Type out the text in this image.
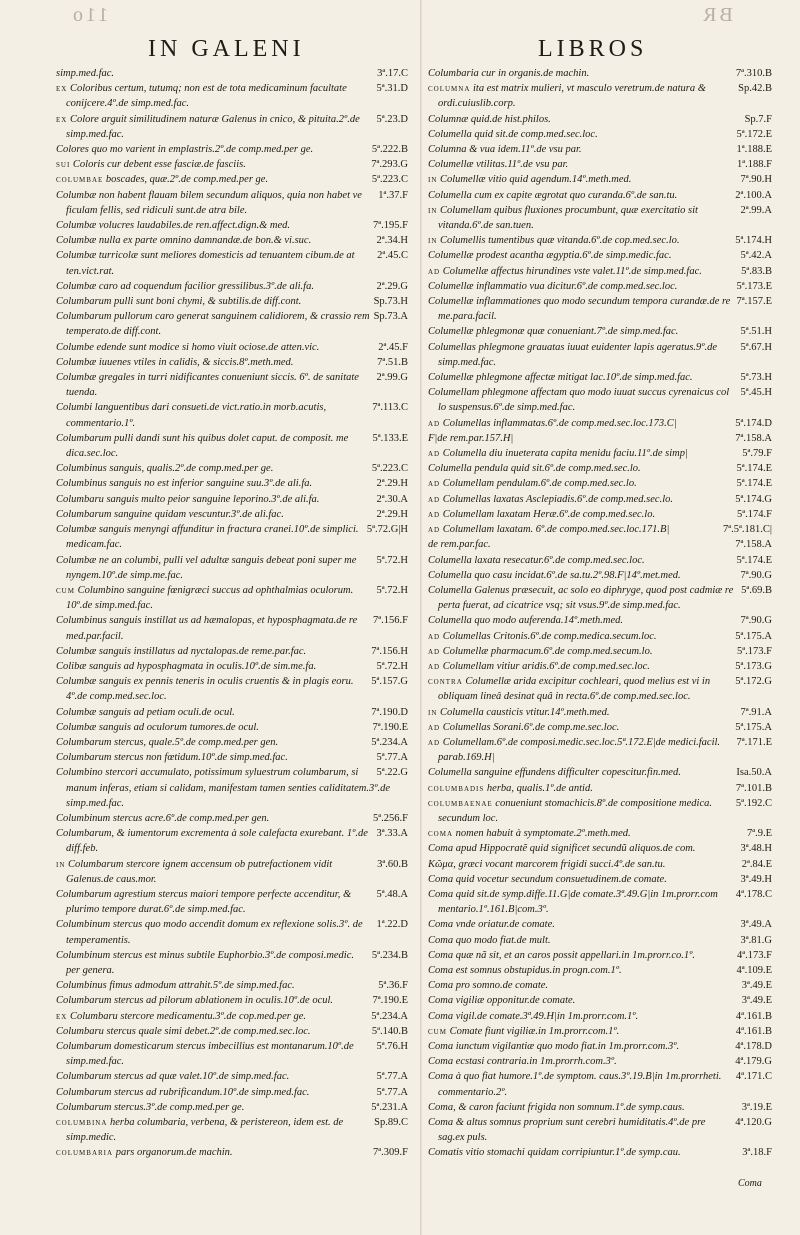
11o	BR
IN GALENI	LIBROS
3ª.17.C
simp.med.fac.
5ª.31.D
ex Coloribus certum, tutumq; non est de tota medicaminum facultate conijcere.4º.de simp.med.fac.
5ª.23.D
ex Colore arguit similitudinem naturæ Galenus in cnico, & pituita.2º.de simp.med.fac.
5ª.222.B
Colores quo mo varient in emplastris.2º.de comp.med.per ge.
7ª.293.G
sui Coloris cur debent esse fasciæ.de fasciis.
5ª.223.C
columbae boscades, quæ.2º.de comp.med.per ge.
1ª.37.F
Columbæ non habent flauam bilem secundum aliquos, quia non habet ve ficulam fellis, sed ridiculi sunt.de atra bile.
7ª.195.F
Columbæ volucres laudabiles.de ren.affect.dign.& med.
2ª.34.H
Columbæ nulla ex parte omnino damnandæ.de bon.& vi.suc.
2ª.45.C
Columbæ turricolæ sunt meliores domesticis ad tenuantem cibum.de at ten.vict.rat.
2ª.29.G
Columbæ caro ad coquendum facilior gressilibus.3º.de ali.fa.
Sp.73.H
Columbarum pulli sunt boni chymi, & subtilis.de diff.cont.
Sp.73.A
Columbarum pullorum caro generat sanguinem calidiorem, & crassio rem temperato.de diff.cont.
2ª.45.F
Columbe edende sunt modice si homo viuit ociose.de atten.vic.
7ª.51.B
Columbæ iuuenes vtiles in calidis, & siccis.8º.meth.med.
2ª.99.G
Columbæ gregales in turri nidificantes conueniunt siccis. 6º. de sanitate tuenda.
7ª.113.C
Columbi languentibus dari consueti.de vict.ratio.in morb.acutis, commentario.1º.
5ª.133.E
Columbarum pulli dandi sunt his quibus dolet caput. de composit. me dica.sec.loc.
5ª.223.C
Columbinus sanguis, qualis.2º.de comp.med.per ge.
2ª.29.H
Columbinus sanguis no est inferior sanguine suu.3º.de ali.fa.
2ª.30.A
Columbaru sanguis multo peior sanguine leporino.3º.de ali.fa.
2ª.29.H
Columbarum sanguine quidam vescuntur.3º.de ali.fac.
5ª.72.G|H
Columbæ sanguis menyngi affunditur in fractura cranei.10º.de simplici. medicam.fac.
5ª.72.H
Columbæ ne an columbi, pulli vel adultæ sanguis debeat poni super me nyngem.10º.de simp.me.fac.
5ª.72.H
cum Columbino sanguine fœnigræci succus ad ophthalmias oculorum. 10º.de simp.med.fac.
7ª.156.F
Columbinus sanguis instillat us ad hæmalopas, et hyposphagmata.de re med.par.facil.
7ª.156.H
Columbæ sanguis instillatus ad nyctalopas.de reme.par.fac.
5ª.72.H
Colibæ sanguis ad hyposphagmata in oculis.10º.de sim.me.fa.
5ª.157.G
Columbæ sanguis ex pennis teneris in oculis cruentis & in plagis eoru. 4º.de comp.med.sec.loc.
7ª.190.D
Columbæ sanguis ad petiam oculi.de ocul.
7ª.190.E
Columbæ sanguis ad oculorum tumores.de ocul.
5ª.234.A
Columbarum stercus, quale.5º.de comp.med.per gen.
5ª.77.A
Columbarum stercus non fœtidum.10º.de simp.med.fac.
5ª.22.G
Columbino stercori accumulato, potissimum syluestrum columbarum, si manum inferas, etiam si calidam, manifestam tamen senties caliditatem.3º.de simp.med.fac.
5ª.256.F
Columbinum stercus acre.6º.de comp.med.per gen.
3ª.33.A
Columbarum, & iumentorum excrementa à sole calefacta exurebant. 1º.de diff.feb.
3ª.60.B
in Columbarum stercore ignem accensum ob putrefactionem vidit Galenus.de caus.mor.
5ª.48.A
Columbarum agrestium stercus maiori tempore perfecte accenditur, & plurimo tempore durat.6º.de simp.med.fac.
1ª.22.D
Columbinum stercus quo modo accendit domum ex reflexione solis.3º. de temperamentis.
5ª.234.B
Columbinum stercus est minus subtile Euphorbio.3º.de composi.medic. per genera.
5ª.36.F
Columbinus fimus admodum attrahit.5º.de simp.med.fac.
7ª.190.E
Columbarum stercus ad pilorum ablationem in oculis.10º.de ocul.
5ª.234.A
ex Columbaru stercore medicamentu.3º.de cop.med.per ge.
5ª.140.B
Columbaru stercus quale simi debet.2º.de comp.med.sec.loc.
5ª.76.H
Columbarum domesticarum stercus imbecillius est montanarum.10º.de simp.med.fac.
5ª.77.A
Columbarum stercus ad quæ valet.10º.de simp.med.fac.
5ª.77.A
Columbarum stercus ad rubrificandum.10º.de simp.med.fac.
5ª.231.A
Columbarum stercus.3º.de comp.med.per ge.
Sp.89.C
columbina herba columbaria, verbena, & peristereon, idem est. de simp.medic.
7ª.309.F
columbaria pars organorum.de machin.
7ª.310.B
Columbaria cur in organis.de machin.
Sp.42.B
columna ita est matrix mulieri, vt masculo veretrum.de natura & ordi.cuiuslib.corp.
Sp.7.F
Columnæ quid.de hist.philos.
5ª.172.E
Columella quid sit.de comp.med.sec.loc.
1ª.188.E
Columna & vua idem.11º.de vsu par.
1ª.188.F
Columellæ vtilitas.11º.de vsu par.
7ª.90.H
in Columellæ vitio quid agendum.14º.meth.med.
2ª.100.A
Columella cum ex capite ægrotat quo curanda.6º.de san.tu.
2ª.99.A
in Columellam quibus fluxiones procumbunt, quæ exercitatio sit vitanda.6º.de san.tuen.
5ª.174.H
in Columellis tumentibus quæ vitanda.6º.de cop.med.sec.lo.
5ª.42.A
Columellæ prodest acantha ægyptia.6º.de simp.medic.fac.
5ª.83.B
ad Columellæ affectus hirundines vste valet.11º.de simp.med.fac.
5ª.173.E
Columellæ inflammatio vua dicitur.6º.de comp.med.sec.loc.
7ª.157.E
Columellæ inflammationes quo modo secundum tempora curandæ.de re me.para.facil.
5ª.51.H
Columellæ phlegmonæ quæ conueniant.7º.de simp.med.fac.
5ª.67.H
Columellas phlegmone grauatas iuuat euidenter lapis ageratus.9º.de simp.med.fac.
5ª.73.H
Columellæ phlegmone affectæ mitigat lac.10º.de simp.med.fac.
5ª.45.H
Columellam phlegmone affectam quo modo iuuat succus cyrenaicus col lo suspensus.6º.de simp.med.fac.
5ª.174.D
ad Columellas inflammatas.6º.de comp.med.sec.loc.173.C|
7ª.158.A
F|de rem.par.157.H|
5ª.79.F
ad Columella diu inueterata capita menidu faciu.11º.de simp|
5ª.174.E
Columella pendula quid sit.6º.de comp.med.sec.lo.
5ª.174.E
ad Columellam pendulam.6º.de comp.med.sec.lo.
5ª.174.G
ad Columellas laxatas Asclepiadis.6º.de comp.med.sec.lo.
5ª.174.F
ad Columellam laxatam Heræ.6º.de comp.med.sec.lo.
7ª.5ª.181.C|
ad Columellam laxatam. 6º.de compo.med.sec.loc.171.B|
7ª.158.A
de rem.par.fac.
5ª.174.E
Columella laxata resecatur.6º.de comp.med.sec.loc.
7ª.90.G
Columella quo casu incidat.6º.de sa.tu.2º.98.F|14º.met.med.
5ª.69.B
Columella Galenus præsecuit, ac solo eo diphryge, quod post cadmiæ re perta fuerat, ad cicatrice vsq; sit vsus.9º.de simp.med.fac.
7ª.90.G
Columella quo modo auferenda.14º.meth.med.
5ª.175.A
ad Columellas Critonis.6º.de comp.medica.secum.loc.
5ª.173.F
ad Columellæ pharmacum.6º.de comp.med.secum.lo.
5ª.173.G
ad Columellam vitiur aridis.6º.de comp.med.sec.loc.
5ª.172.G
contra Columellæ arida excipitur cochleari, quod melius est vi in obliquam lineâ desinat quâ in recta.6º.de comp.med.sec.loc.
7ª.91.A
in Columella causticis vtitur.14º.meth.med.
5ª.175.A
ad Columellas Sorani.6º.de comp.me.sec.loc.
7ª.171.E
ad Columellam.6º.de composi.medic.sec.loc.5ª.172.E|de medici.facil. parab.169.H|
Isa.50.A
Columella sanguine effundens difficulter copescitur.fin.med.
7ª.101.B
columbadis herba, qualis.1º.de antid.
5ª.192.C
columbaenae conueniunt stomachicis.8º.de compositione medica. secundum loc.
7ª.9.E
coma nomen habuit à symptomate.2º.meth.med.
3ª.48.H
Coma apud Hippocratẽ quid significet secundũ aliquos.de com.
2ª.84.E
Κῶμα, græci vocant marcorem frigidi succi.4º.de san.tu.
3ª.49.H
Coma quid vocetur secundum consuetudinem.de comate.
4ª.178.C
Coma quid sit.de symp.diffe.11.G|de comate.3ª.49.G|in 1m.prorr.com mentario.1º.161.B|com.3º.
3ª.49.A
Coma vnde oriatur.de comate.
3ª.81.G
Coma quo modo fiat.de mult.
4ª.173.F
Coma quæ nã sit, et an caros possit appellari.in 1m.prorr.co.1º.
4ª.109.E
Coma est somnus obstupidus.in progn.com.1º.
3ª.49.E
Coma pro somno.de comate.
3ª.49.E
Coma vigiliæ opponitur.de comate.
4ª.161.B
Coma vigil.de comate.3ª.49.H|in 1m.prorr.com.1º.
4ª.161.B
cum Comate fiunt vigiliæ.in 1m.prorr.com.1º.
4ª.178.D
Coma iunctum vigilantiæ quo modo fiat.in 1m.prorr.com.3º.
4ª.179.G
Coma ecstasi contraria.in 1m.prorrh.com.3º.
4ª.171.C
Coma à quo fiat humore.1º.de symptom. caus.3º.19.B|in 1m.prorrheti. commentario.2º.
3ª.19.E
Coma, & caron faciunt frigida non somnum.1º.de symp.caus.
4ª.120.G
Coma & altus somnus proprium sunt cerebri humiditatis.4º.de pre sag.ex puls.
3ª.18.F
Comatis vitio stomachi quidam corripiuntur.1º.de symp.cau.
Coma
